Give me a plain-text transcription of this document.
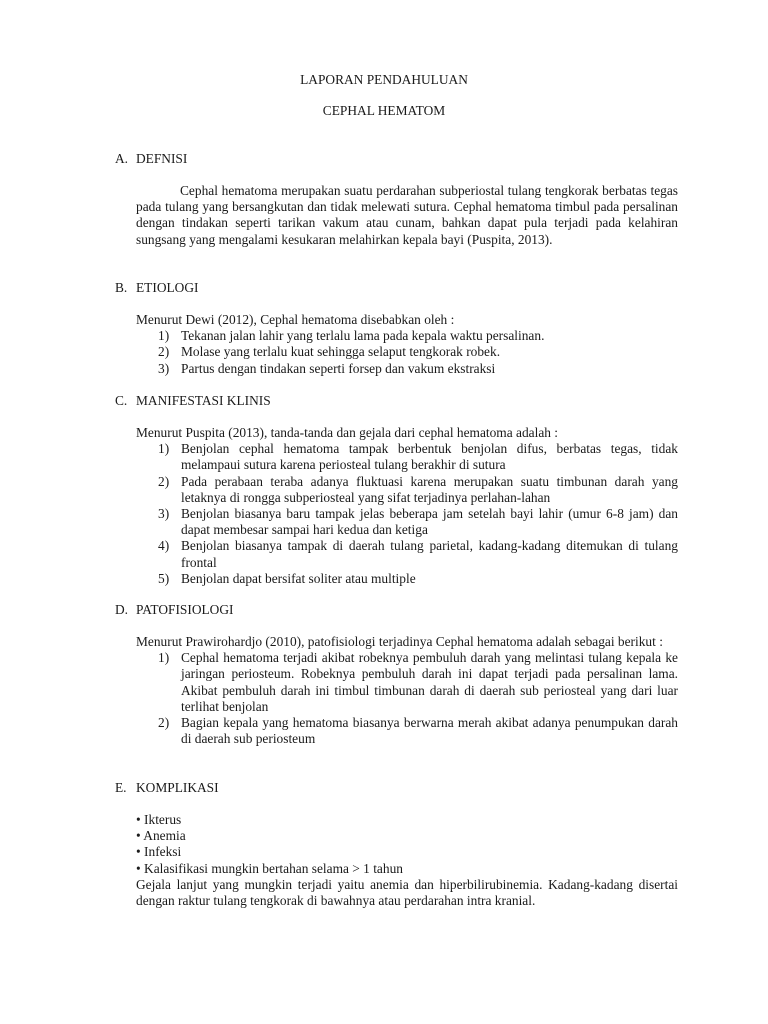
LAPORAN PENDAHULUAN
CEPHAL HEMATOM
A. DEFNISI
Cephal hematoma merupakan suatu perdarahan subperiostal tulang tengkorak berbatas tegas pada tulang yang bersangkutan dan tidak melewati sutura. Cephal hematoma timbul pada persalinan dengan tindakan seperti tarikan vakum atau cunam, bahkan dapat pula terjadi pada kelahiran sungsang yang mengalami kesukaran melahirkan kepala bayi (Puspita, 2013).
B. ETIOLOGI
Menurut Dewi (2012), Cephal hematoma disebabkan oleh :
1) Tekanan jalan lahir yang terlalu lama pada kepala waktu persalinan.
2) Molase yang terlalu kuat sehingga selaput tengkorak robek.
3) Partus dengan tindakan seperti forsep dan vakum ekstraksi
C. MANIFESTASI KLINIS
Menurut Puspita (2013), tanda-tanda dan gejala dari cephal hematoma adalah :
1) Benjolan cephal hematoma tampak berbentuk benjolan difus, berbatas tegas, tidak melampaui sutura karena periosteal tulang berakhir di sutura
2) Pada perabaan teraba adanya fluktuasi karena merupakan suatu timbunan darah yang letaknya di rongga subperiosteal yang sifat terjadinya perlahan-lahan
3) Benjolan biasanya baru tampak jelas beberapa jam setelah bayi lahir (umur 6-8 jam) dan dapat membesar sampai hari kedua dan ketiga
4) Benjolan biasanya tampak di daerah tulang parietal, kadang-kadang ditemukan di tulang frontal
5) Benjolan dapat bersifat soliter atau multiple
D. PATOFISIOLOGI
Menurut Prawirohardjo (2010), patofisiologi terjadinya Cephal hematoma adalah sebagai berikut :
1) Cephal hematoma terjadi akibat robeknya pembuluh darah yang melintasi tulang kepala ke jaringan periosteum. Robeknya pembuluh darah ini dapat terjadi pada persalinan lama. Akibat pembuluh darah ini timbul timbunan darah di daerah sub periosteal yang dari luar terlihat benjolan
2) Bagian kepala yang hematoma biasanya berwarna merah akibat adanya penumpukan darah di daerah sub periosteum
E. KOMPLIKASI
• Ikterus
• Anemia
• Infeksi
• Kalasifikasi mungkin bertahan selama > 1 tahun
Gejala lanjut yang mungkin terjadi yaitu anemia dan hiperbilirubinemia. Kadang-kadang disertai dengan raktur tulang tengkorak di bawahnya atau perdarahan intra kranial.
